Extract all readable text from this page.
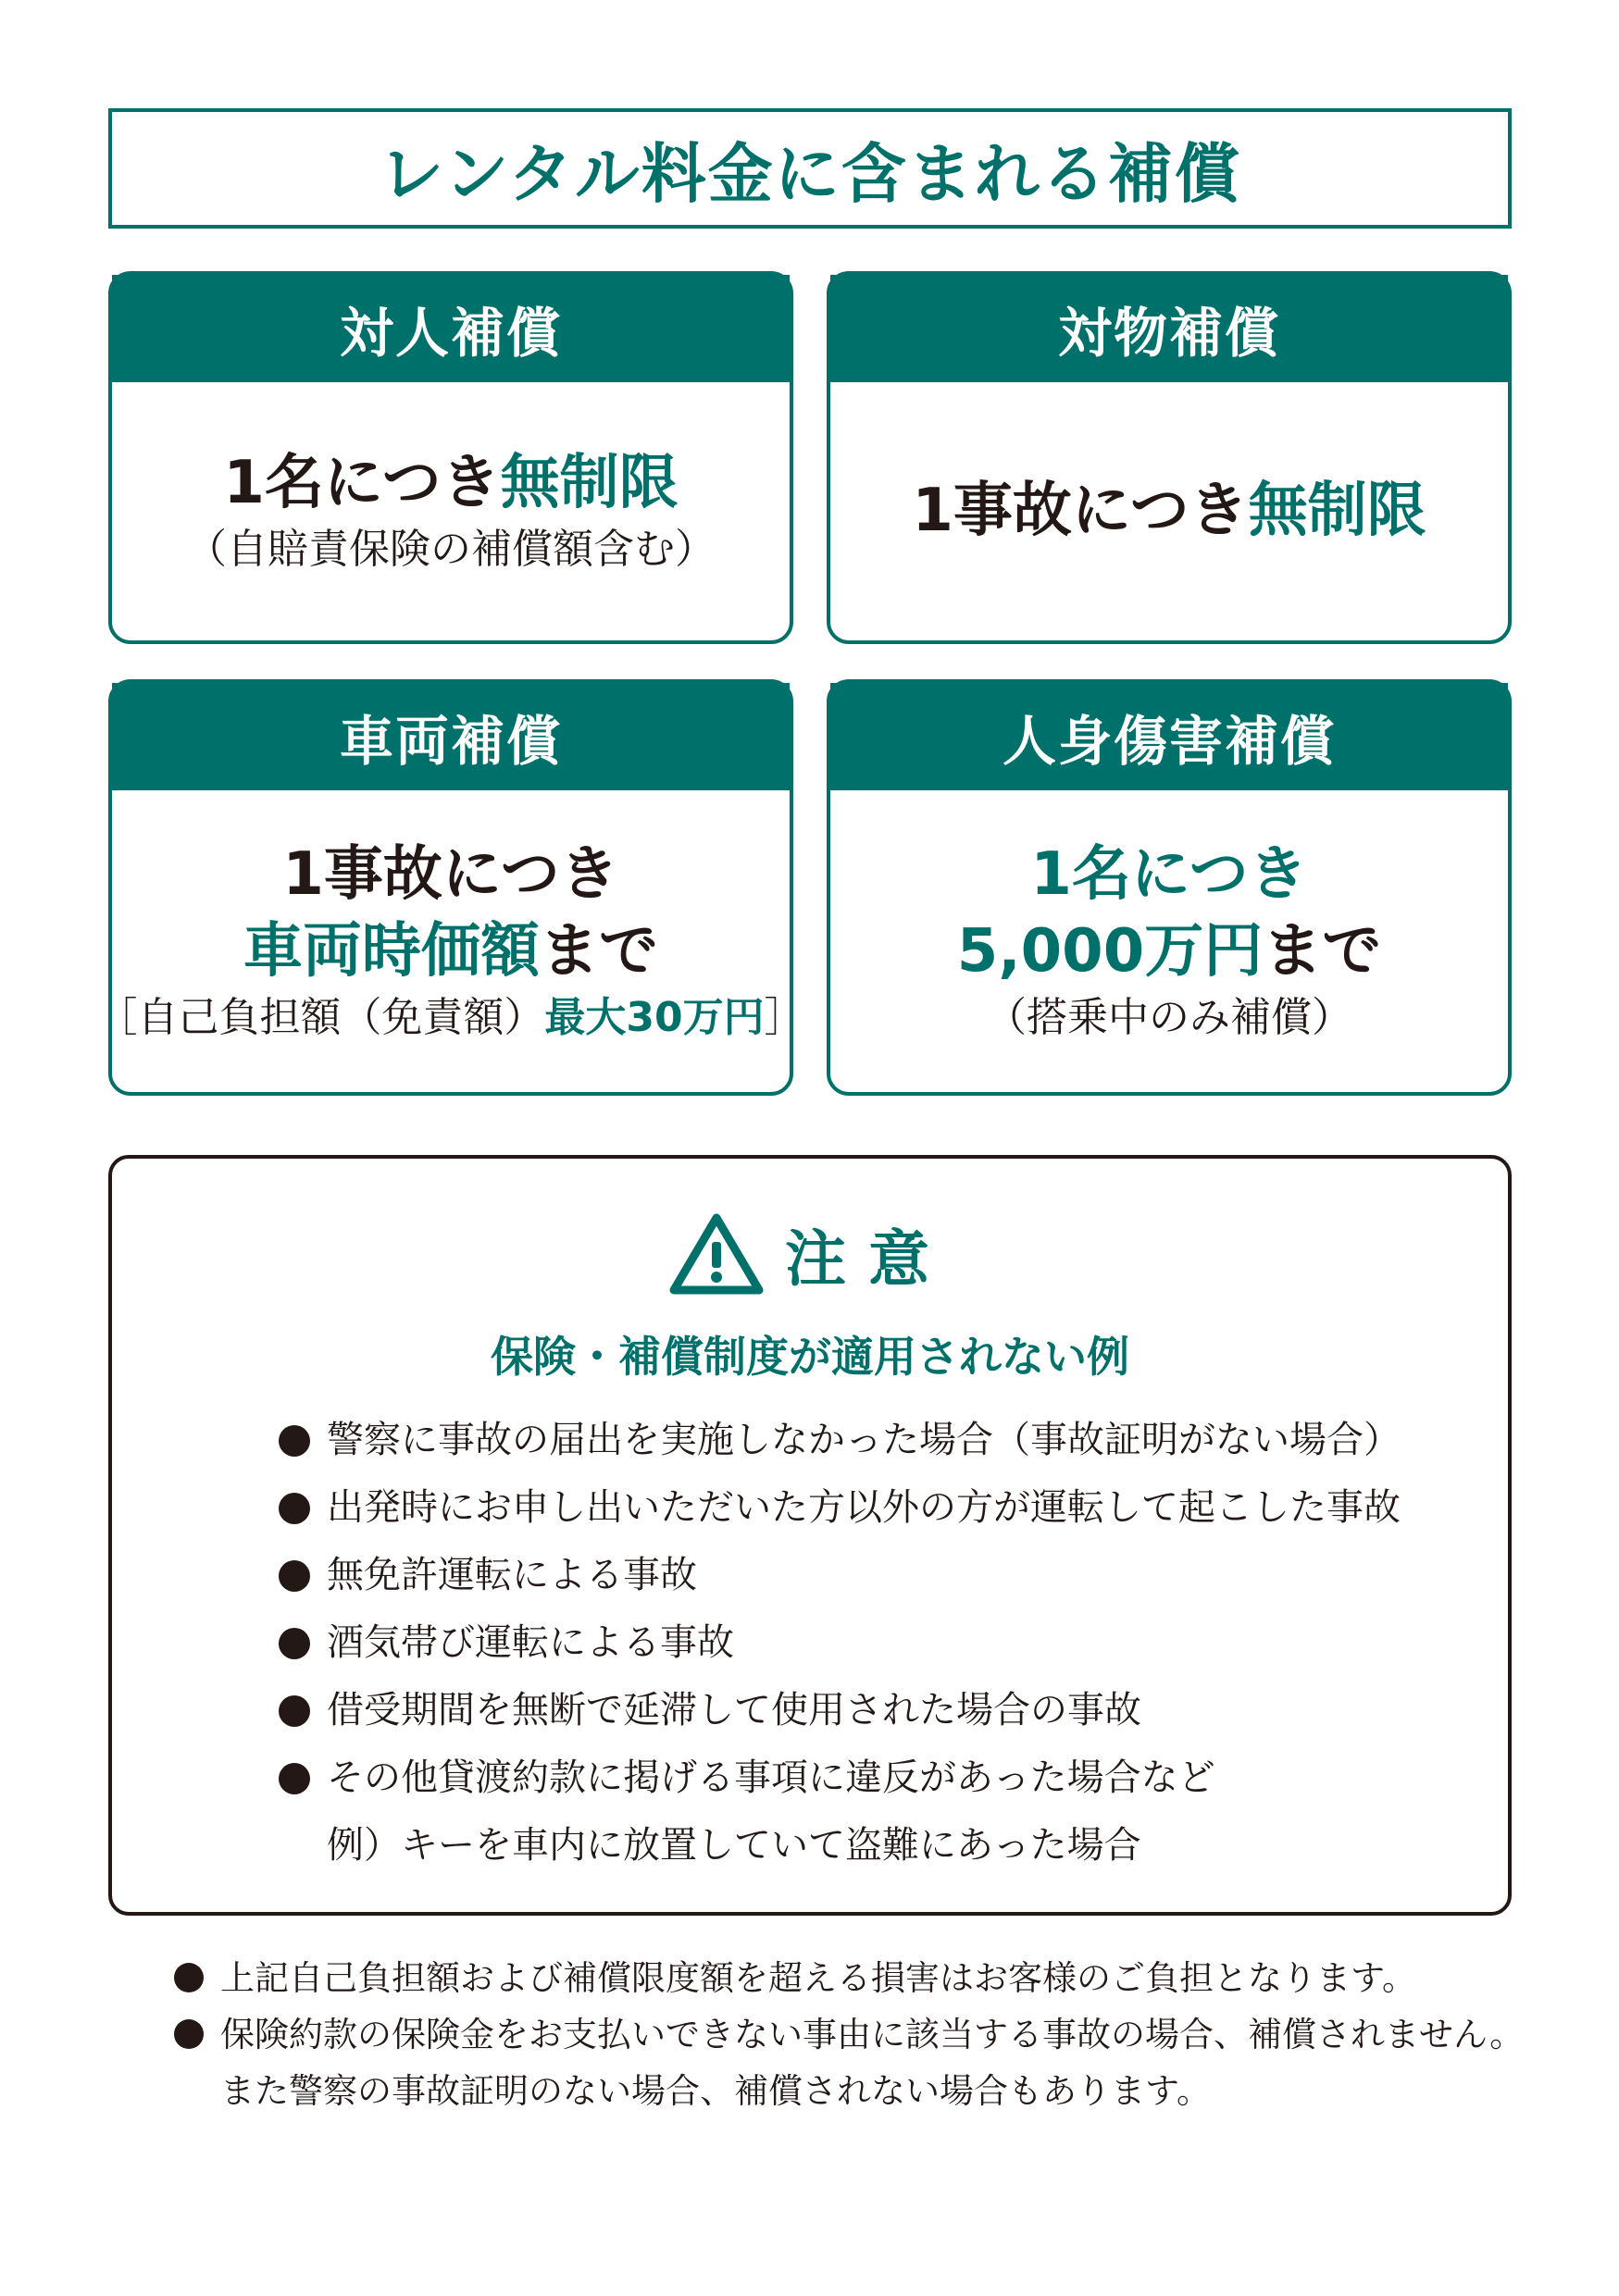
レンタル料金に含まれる補償
対人補償
1名につき無制限
（自賠責保険の補償額含む）
対物補償
1事故につき無制限
車両補償
1事故につき
車両時価額まで
［自己負担額（免責額）最大30万円］
人身傷害補償
1名につき
5,000万円まで
（搭乗中のみ補償）
注意
保険・補償制度が適用されない例
警察に事故の届出を実施しなかった場合（事故証明がない場合）
出発時にお申し出いただいた方以外の方が運転して起こした事故
無免許運転による事故
酒気帯び運転による事故
借受期間を無断で延滞して使用された場合の事故
その他貸渡約款に掲げる事項に違反があった場合など
例）キーを車内に放置していて盗難にあった場合
上記自己負担額および補償限度額を超える損害はお客様のご負担となります。
保険約款の保険金をお支払いできない事由に該当する事故の場合、補償されません。
また警察の事故証明のない場合、補償されない場合もあります。
